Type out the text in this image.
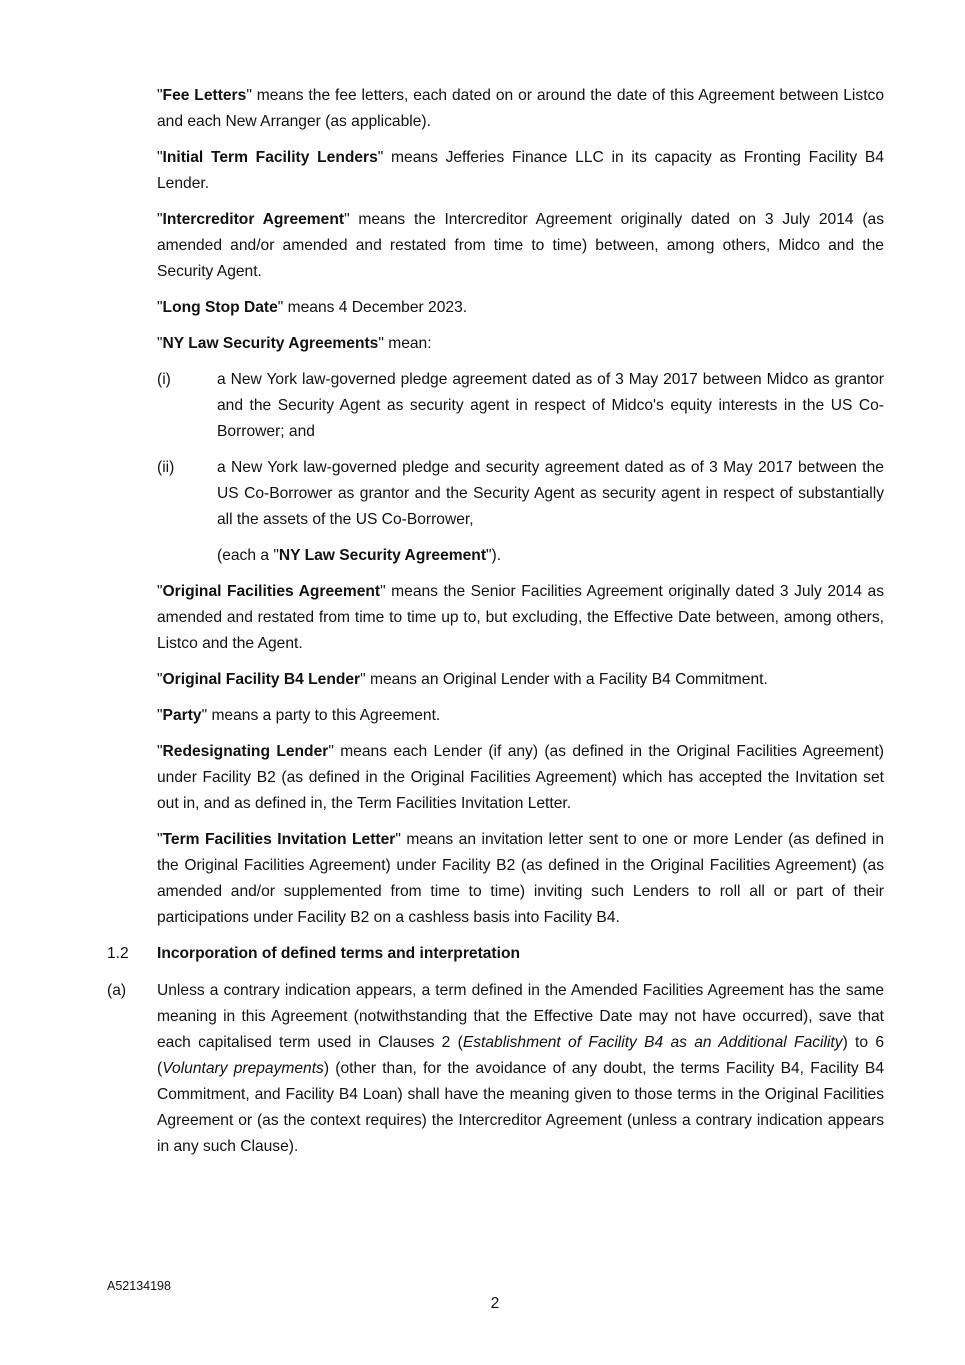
"Fee Letters" means the fee letters, each dated on or around the date of this Agreement between Listco and each New Arranger (as applicable).

"Initial Term Facility Lenders" means Jefferies Finance LLC in its capacity as Fronting Facility B4 Lender.

"Intercreditor Agreement" means the Intercreditor Agreement originally dated on 3 July 2014 (as amended and/or amended and restated from time to time) between, among others, Midco and the Security Agent.

"Long Stop Date" means 4 December 2023.

"NY Law Security Agreements" mean:

(i)	a New York law-governed pledge agreement dated as of 3 May 2017 between Midco as grantor and the Security Agent as security agent in respect of Midco's equity interests in the US Co-Borrower; and

(ii)	a New York law-governed pledge and security agreement dated as of 3 May 2017 between the US Co-Borrower as grantor and the Security Agent as security agent in respect of substantially all the assets of the US Co-Borrower,

(each a "NY Law Security Agreement").

"Original Facilities Agreement" means the Senior Facilities Agreement originally dated 3 July 2014 as amended and restated from time to time up to, but excluding, the Effective Date between, among others, Listco and the Agent.

"Original Facility B4 Lender" means an Original Lender with a Facility B4 Commitment.

"Party" means a party to this Agreement.

"Redesignating Lender" means each Lender (if any) (as defined in the Original Facilities Agreement) under Facility B2 (as defined in the Original Facilities Agreement) which has accepted the Invitation set out in, and as defined in, the Term Facilities Invitation Letter.

"Term Facilities Invitation Letter" means an invitation letter sent to one or more Lender (as defined in the Original Facilities Agreement) under Facility B2 (as defined in the Original Facilities Agreement) (as amended and/or supplemented from time to time) inviting such Lenders to roll all or part of their participations under Facility B2 on a cashless basis into Facility B4.

1.2 Incorporation of defined terms and interpretation
(a) Unless a contrary indication appears, a term defined in the Amended Facilities Agreement has the same meaning in this Agreement (notwithstanding that the Effective Date may not have occurred), save that each capitalised term used in Clauses 2 (Establishment of Facility B4 as an Additional Facility) to 6 (Voluntary prepayments) (other than, for the avoidance of any doubt, the terms Facility B4, Facility B4 Commitment, and Facility B4 Loan) shall have the meaning given to those terms in the Original Facilities Agreement or (as the context requires) the Intercreditor Agreement (unless a contrary indication appears in any such Clause).

A52134198
2
